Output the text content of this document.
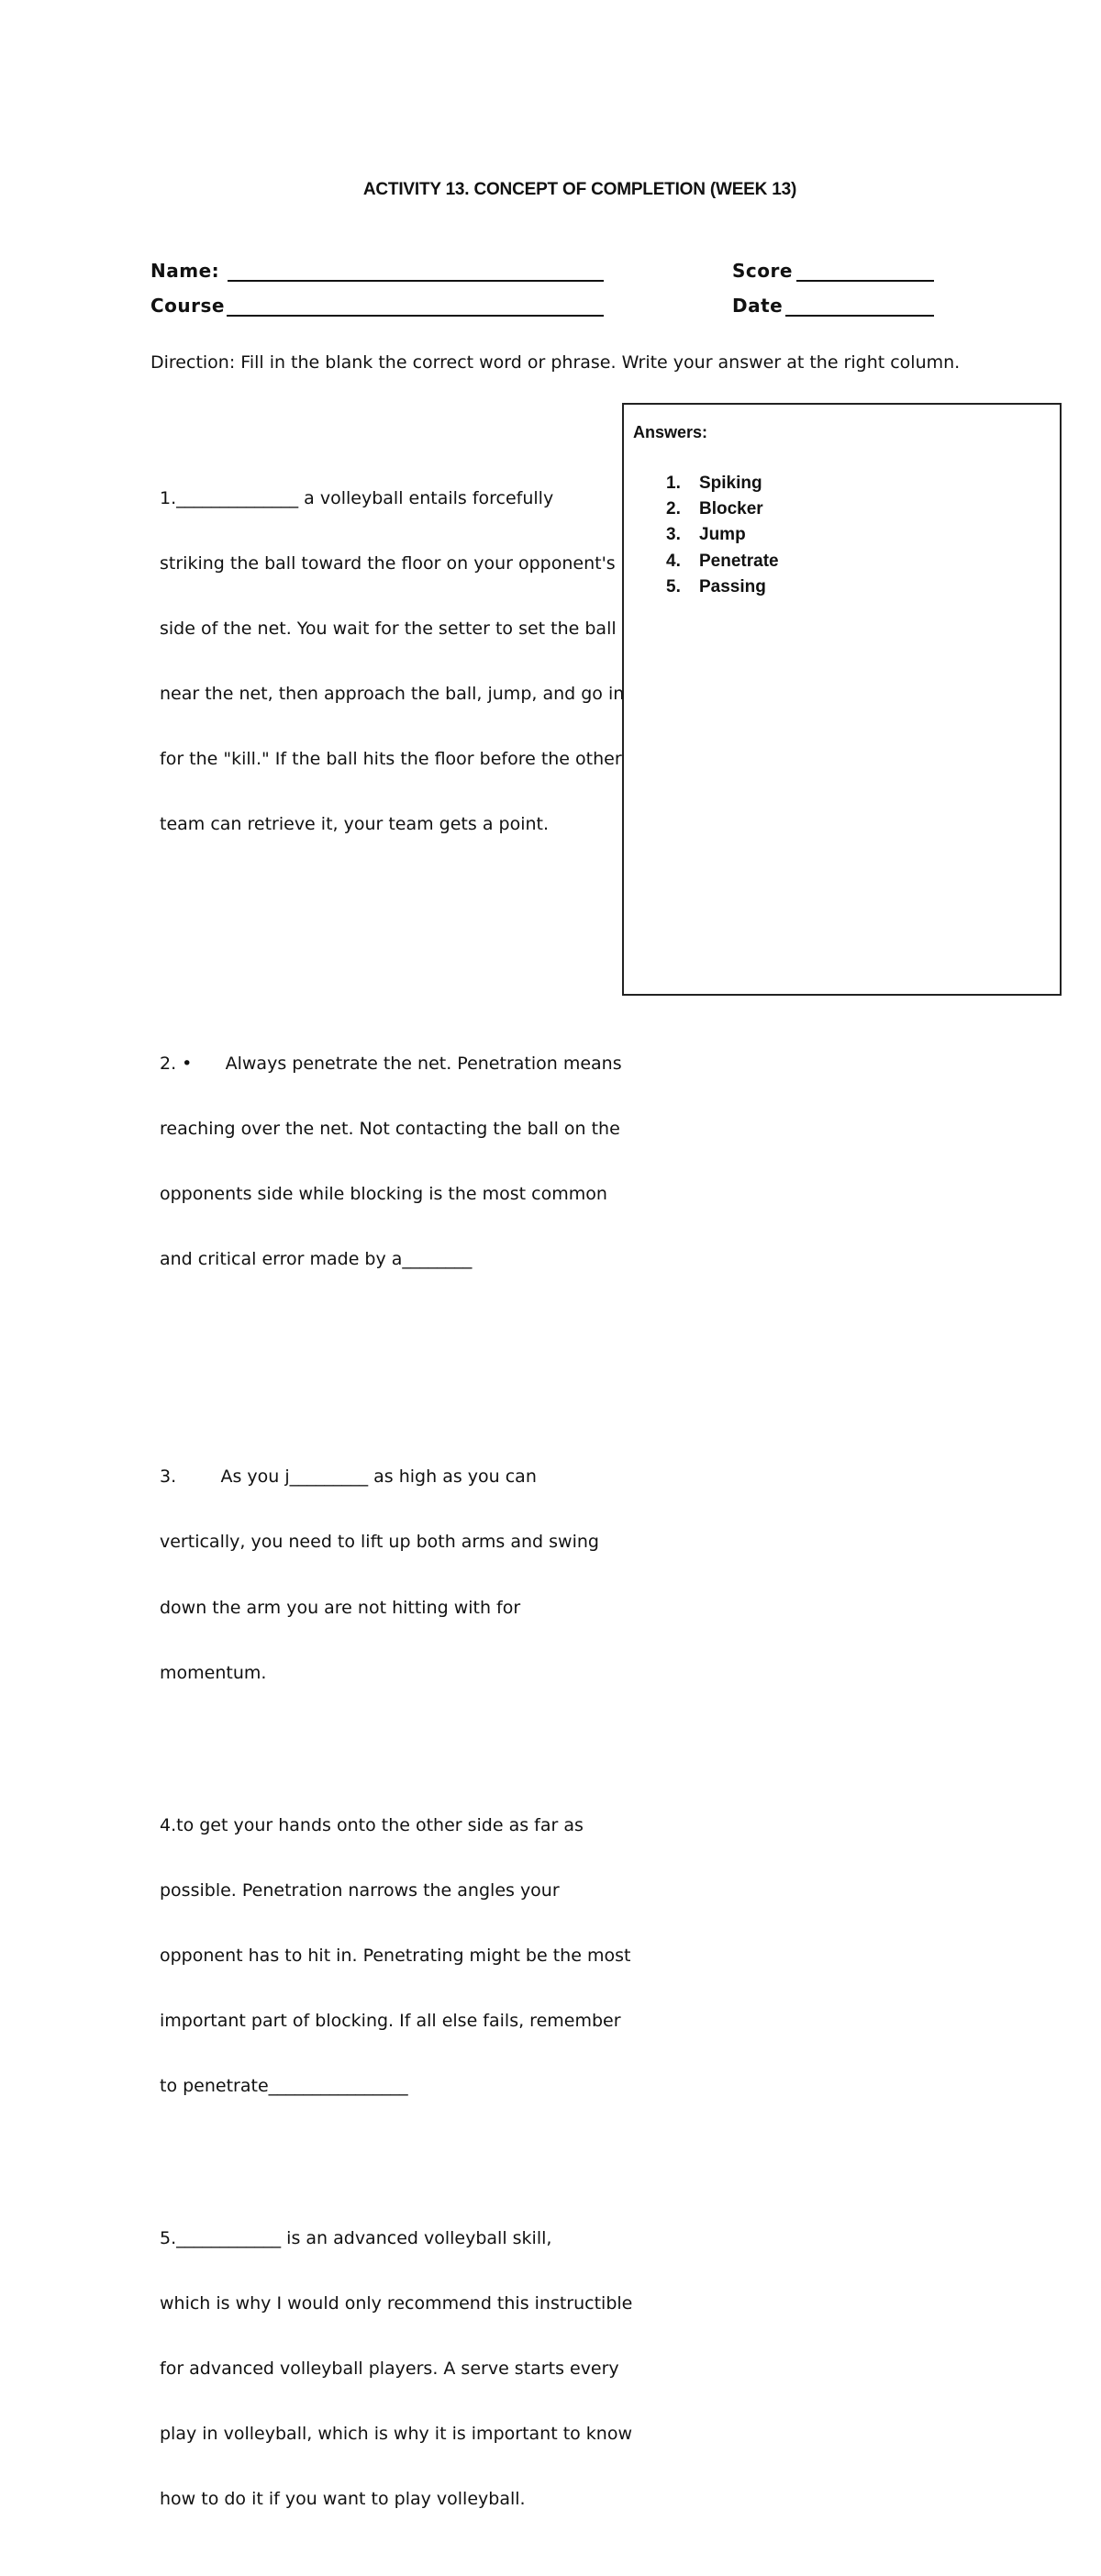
ACTIVITY 13. CONCEPT OF COMPLETION (WEEK 13)
Name:	Score
Course	Date
Direction: Fill in the blank the correct word or phrase. Write your answer at the right column.

1.______________ a volleyball entails forcefully

striking the ball toward the floor on your opponent's

side of the net. You wait for the setter to set the ball

near the net, then approach the ball, jump, and go in

for the "kill." If the ball hits the floor before the other

team can retrieve it, your team gets a point.

2. •      Always penetrate the net. Penetration means

reaching over the net. Not contacting the ball on the

opponents side while blocking is the most common

and critical error made by a________

3.        As you j_________ as high as you can

vertically, you need to lift up both arms and swing

down the arm you are not hitting with for

momentum.

4.to get your hands onto the other side as far as

possible. Penetration narrows the angles your

opponent has to hit in. Penetrating might be the most

important part of blocking. If all else fails, remember

to penetrate________________

5.____________ is an advanced volleyball skill,

which is why I would only recommend this instructible

for advanced volleyball players. A serve starts every

play in volleyball, which is why it is important to know

how to do it if you want to play volleyball.

Answers:
1.	Spiking
2.	Blocker
3.	Jump
4.	Penetrate
5.	Passing
